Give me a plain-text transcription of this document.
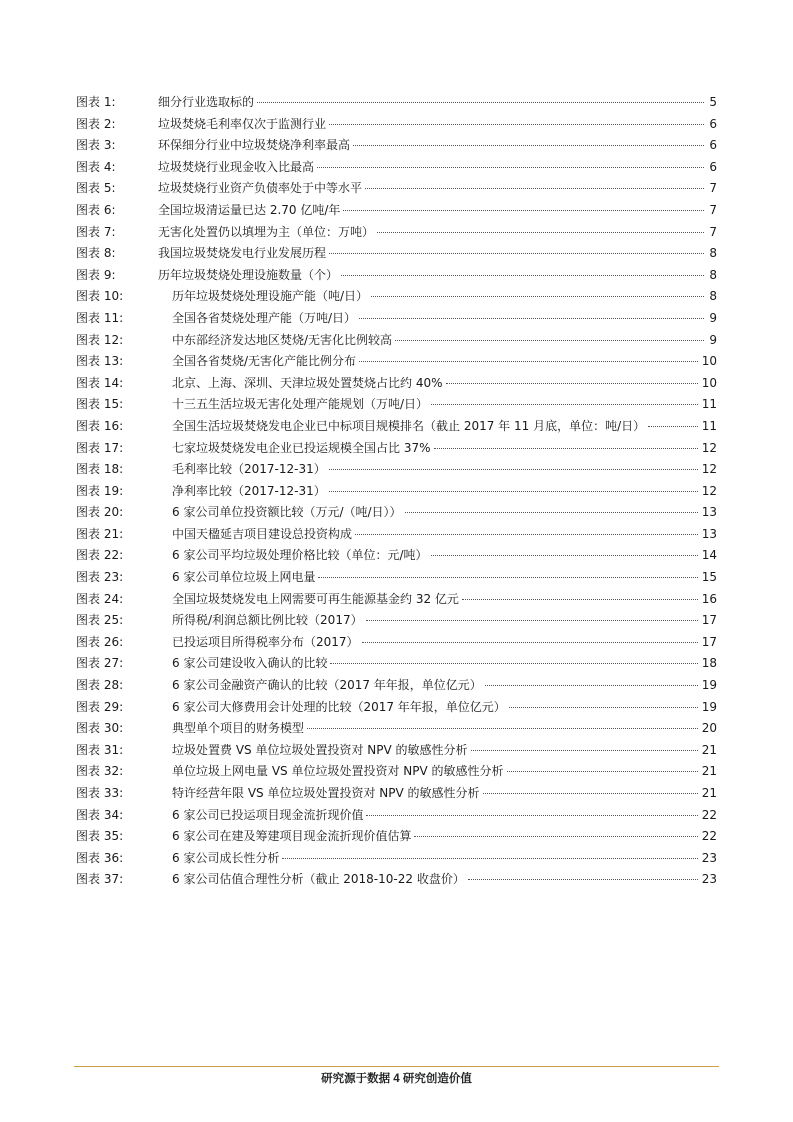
图表 1:	细分行业选取标的	5
图表 2:	垃圾焚烧毛利率仅次于监测行业	6
图表 3:	环保细分行业中垃圾焚烧净利率最高	6
图表 4:	垃圾焚烧行业现金收入比最高	6
图表 5:	垃圾焚烧行业资产负债率处于中等水平	7
图表 6:	全国垃圾清运量已达 2.70 亿吨/年	7
图表 7:	无害化处置仍以填埋为主（单位：万吨）	7
图表 8:	我国垃圾焚烧发电行业发展历程	8
图表 9:	历年垃圾焚烧处理设施数量（个）	8
图表 10:	历年垃圾焚烧处理设施产能（吨/日）	8
图表 11:	全国各省焚烧处理产能（万吨/日）	9
图表 12:	中东部经济发达地区焚烧/无害化比例较高	9
图表 13:	全国各省焚烧/无害化产能比例分布	10
图表 14:	北京、上海、深圳、天津垃圾处置焚烧占比约 40%	10
图表 15:	十三五生活垃圾无害化处理产能规划（万吨/日）	11
图表 16:	全国生活垃圾焚烧发电企业已中标项目规模排名（截止 2017 年 11 月底，单位：吨/日）	11
图表 17:	七家垃圾焚烧发电企业已投运规模全国占比 37%	12
图表 18:	毛利率比较（2017-12-31）	12
图表 19:	净利率比较（2017-12-31）	12
图表 20:	6 家公司单位投资额比较（万元/（吨/日））	13
图表 21:	中国天楹延吉项目建设总投资构成	13
图表 22:	6 家公司平均垃圾处理价格比较（单位：元/吨）	14
图表 23:	6 家公司单位垃圾上网电量	15
图表 24:	全国垃圾焚烧发电上网需要可再生能源基金约 32 亿元	16
图表 25:	所得税/利润总额比例比较（2017）	17
图表 26:	已投运项目所得税率分布（2017）	17
图表 27:	6 家公司建设收入确认的比较	18
图表 28:	6 家公司金融资产确认的比较（2017 年年报，单位亿元）	19
图表 29:	6 家公司大修费用会计处理的比较（2017 年年报，单位亿元）	19
图表 30:	典型单个项目的财务模型	20
图表 31:	垃圾处置费 VS 单位垃圾处置投资对 NPV 的敏感性分析	21
图表 32:	单位垃圾上网电量 VS 单位垃圾处置投资对 NPV 的敏感性分析	21
图表 33:	特许经营年限 VS 单位垃圾处置投资对 NPV 的敏感性分析	21
图表 34:	6 家公司已投运项目现金流折现价值	22
图表 35:	6 家公司在建及筹建项目现金流折现价值估算	22
图表 36:	6 家公司成长性分析	23
图表 37:	6 家公司估值合理性分析（截止 2018-10-22 收盘价）	23
研究源于数据 4 研究创造价值
